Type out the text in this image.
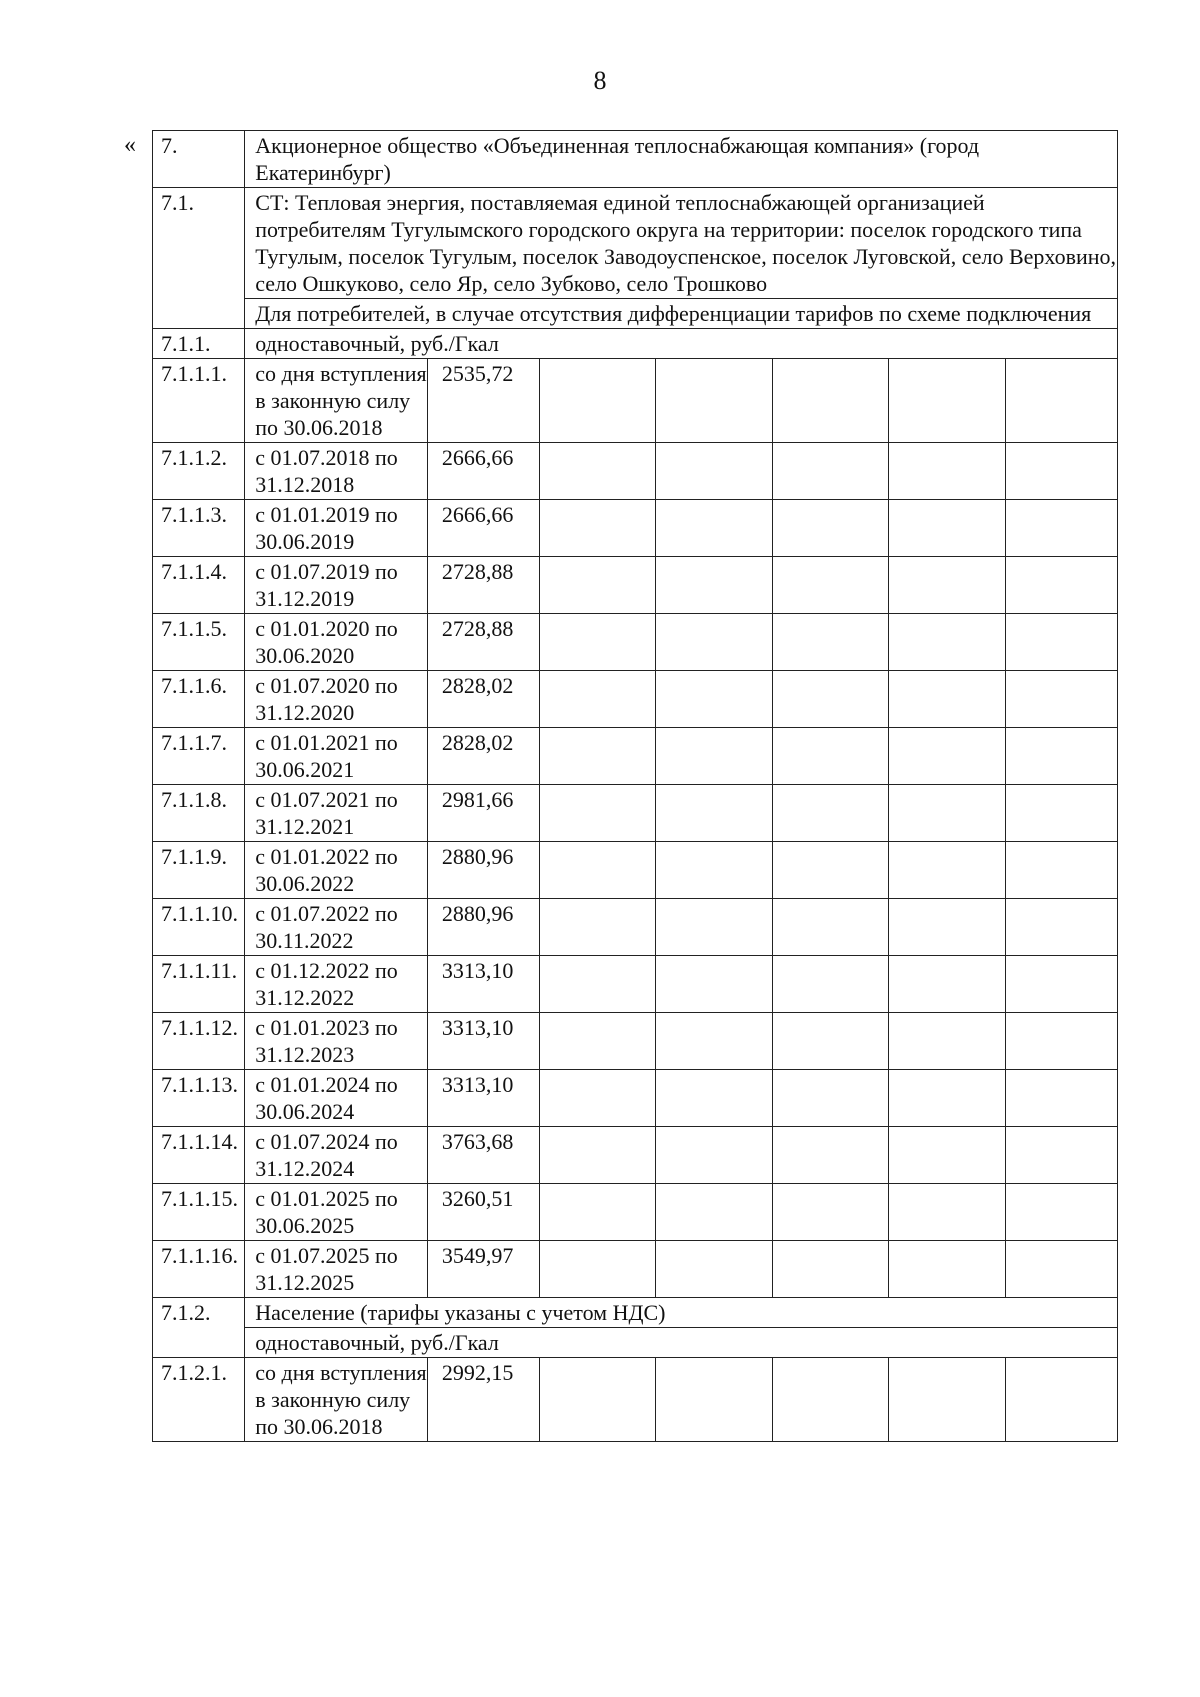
8
« 7.	Акционерное общество «Объединенная теплоснабжающая компания» (город Екатеринбург)						
7.1.	СТ: Тепловая энергия, поставляемая единой теплоснабжающей организацией потребителям Тугулымского городского округа на территории: поселок городского типа Тугулым, поселок Тугулым, поселок Заводоуспенское, поселок Луговской, село Верховино, село Ошкуково, село Яр, село Зубково, село Трошково						
	Для потребителей, в случае отсутствия дифференциации тарифов по схеме подключения						
7.1.1.	одноставочный, руб./Гкал						
7.1.1.1.	со дня вступления в законную силу по 30.06.2018	2535,72					
7.1.1.2.	с 01.07.2018 по 31.12.2018	2666,66					
7.1.1.3.	с 01.01.2019 по 30.06.2019	2666,66					
7.1.1.4.	с 01.07.2019 по 31.12.2019	2728,88					
7.1.1.5.	с 01.01.2020 по 30.06.2020	2728,88					
7.1.1.6.	с 01.07.2020 по 31.12.2020	2828,02					
7.1.1.7.	с 01.01.2021 по 30.06.2021	2828,02					
7.1.1.8.	с 01.07.2021 по 31.12.2021	2981,66					
7.1.1.9.	с 01.01.2022 по 30.06.2022	2880,96					
7.1.1.10.	с 01.07.2022 по 30.11.2022	2880,96					
7.1.1.11.	с 01.12.2022 по 31.12.2022	3313,10					
7.1.1.12.	с 01.01.2023 по 31.12.2023	3313,10					
7.1.1.13.	с 01.01.2024 по 30.06.2024	3313,10					
7.1.1.14.	с 01.07.2024 по 31.12.2024	3763,68					
7.1.1.15.	с 01.01.2025 по 30.06.2025	3260,51					
7.1.1.16.	с 01.07.2025 по 31.12.2025	3549,97					
7.1.2.	Население (тарифы указаны с учетом НДС)						
	одноставочный, руб./Гкал						
7.1.2.1.	со дня вступления в законную силу по 30.06.2018	2992,15					
